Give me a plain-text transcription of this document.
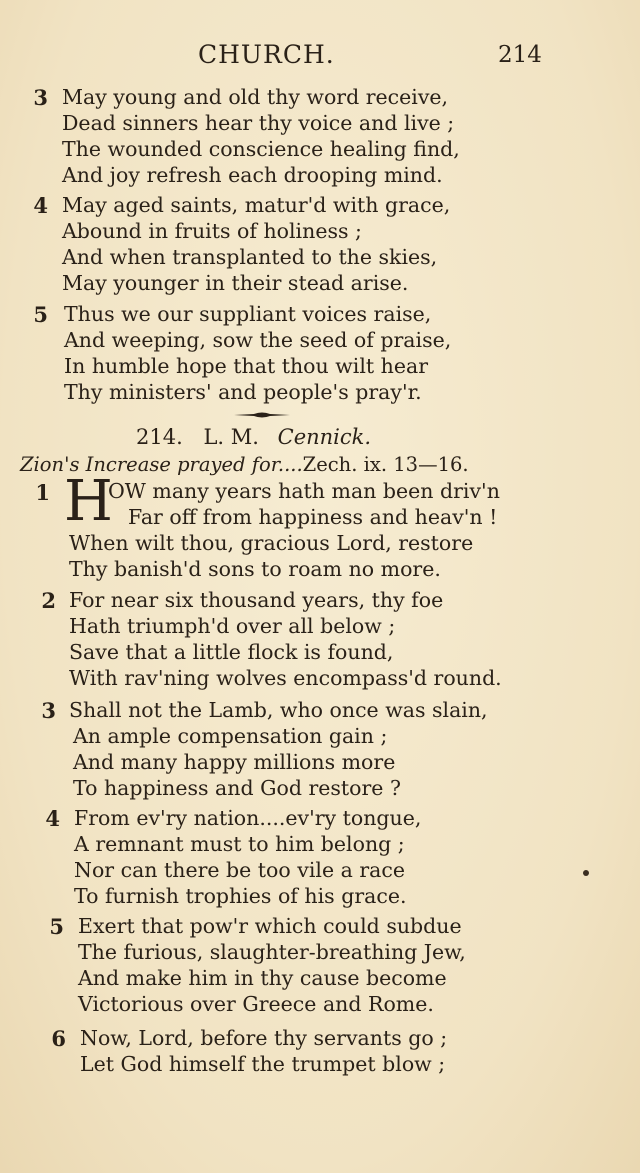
CHURCH.	214
3 May young and old thy word receive,
Dead sinners hear thy voice and live ;
The wounded conscience healing find,
And joy refresh each drooping mind.
4 May aged saints, matur'd with grace,
Abound in fruits of holiness ;
And when transplanted to the skies,
May younger in their stead arise.
5 Thus we our suppliant voices raise,
And weeping, sow the seed of praise,
In humble hope that thou wilt hear
Thy ministers' and people's pray'r.
214. L. M. Cennick.
Zion's Increase prayed for....Zech. ix. 13—16.
1	OW many years hath man been driv'n
Far off from happiness and heav'n !
When wilt thou, gracious Lord, restore
Thy banish'd sons to roam no more.
H
2 For near six thousand years, thy foe
Hath triumph'd over all below ;
Save that a little flock is found,
With rav'ning wolves encompass'd round.
3 Shall not the Lamb, who once was slain,
An ample compensation gain ;
And many happy millions more
To happiness and God restore ?
4 From ev'ry nation....ev'ry tongue,
A remnant must to him belong ;
Nor can there be too vile a race
To furnish trophies of his grace.
5 Exert that pow'r which could subdue
The furious, slaughter-breathing Jew,
And make him in thy cause become
Victorious over Greece and Rome.
6 Now, Lord, before thy servants go ;
Let God himself the trumpet blow ;
